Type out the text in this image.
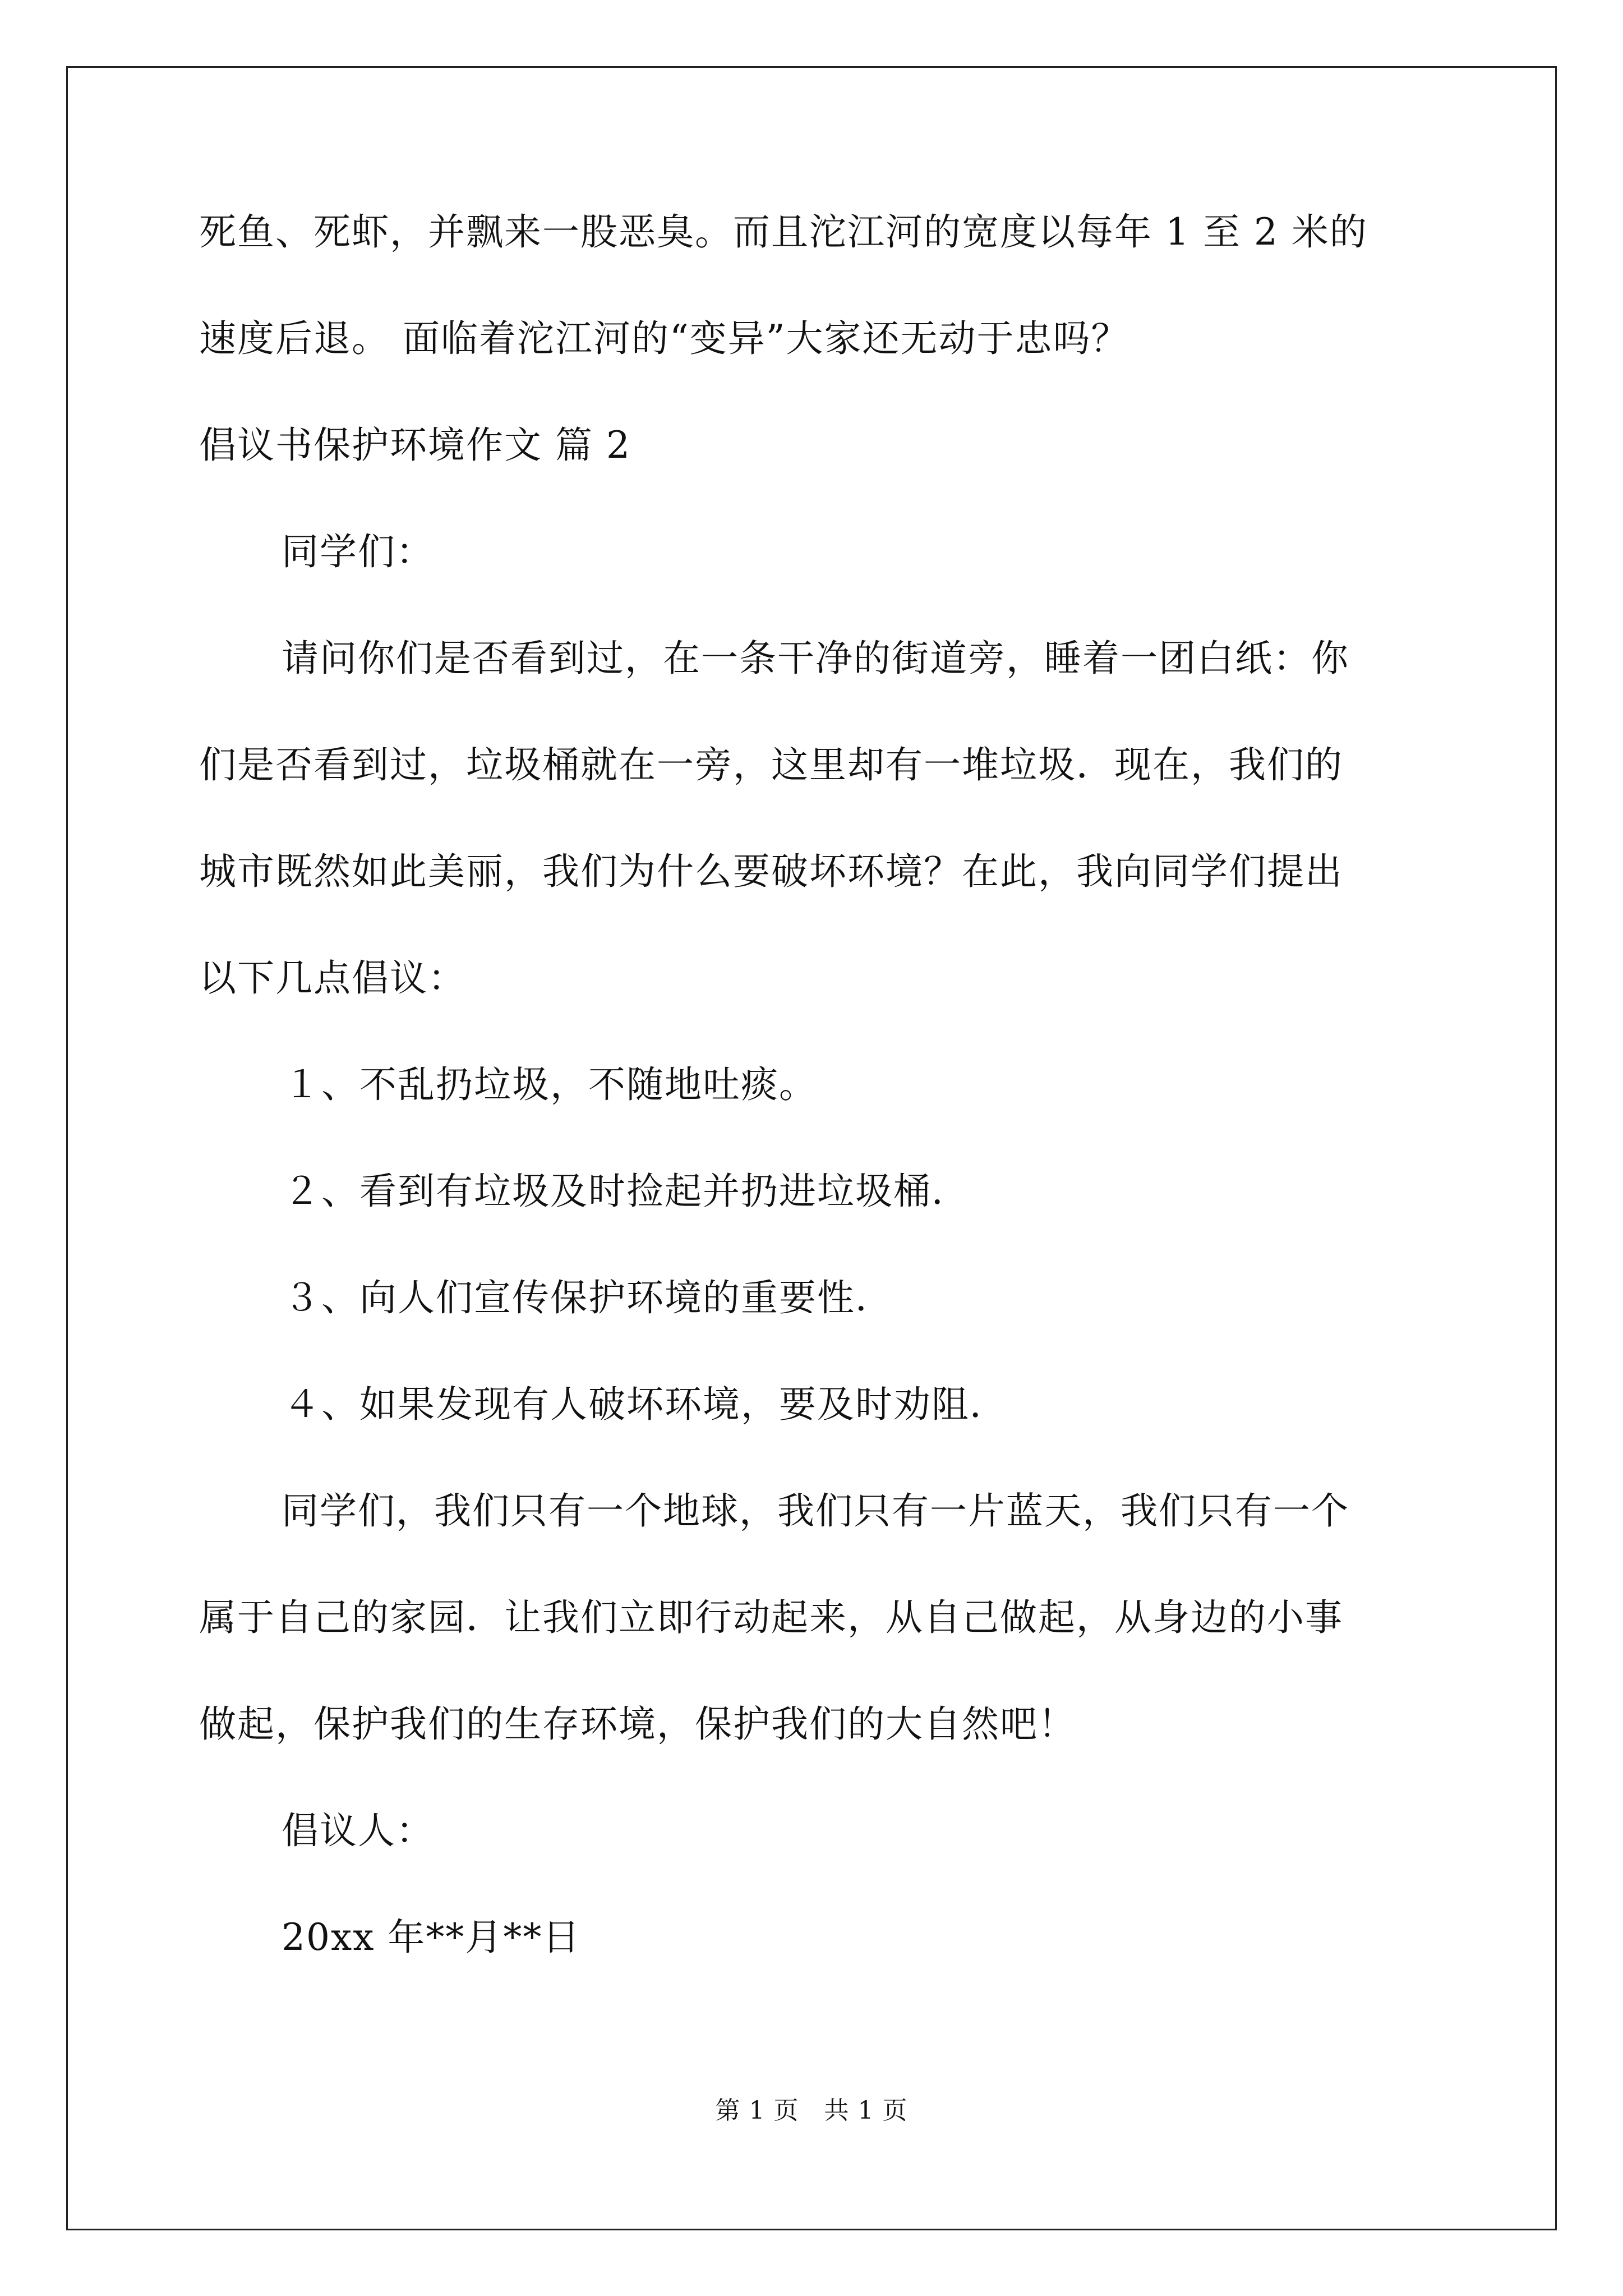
死鱼、死虾，并飘来一股恶臭。而且沱江河的宽度以每年 1 至 2 米的
速度后退。 面临着沱江河的“变异”大家还无动于忠吗？
倡议书保护环境作文 篇 2
同学们：
请问你们是否看到过，在一条干净的街道旁，睡着一团白纸：你
们是否看到过，垃圾桶就在一旁，这里却有一堆垃圾．现在，我们的
城市既然如此美丽，我们为什么要破坏环境？在此，我向同学们提出
以下几点倡议：
１、不乱扔垃圾，不随地吐痰。
２、看到有垃圾及时捡起并扔进垃圾桶．
３、向人们宣传保护环境的重要性．
４、如果发现有人破坏环境，要及时劝阻．
同学们，我们只有一个地球，我们只有一片蓝天，我们只有一个
属于自己的家园．让我们立即行动起来，从自己做起，从身边的小事
做起，保护我们的生存环境，保护我们的大自然吧！
倡议人：
20xx 年**月**日
第 1 页　共 1 页
